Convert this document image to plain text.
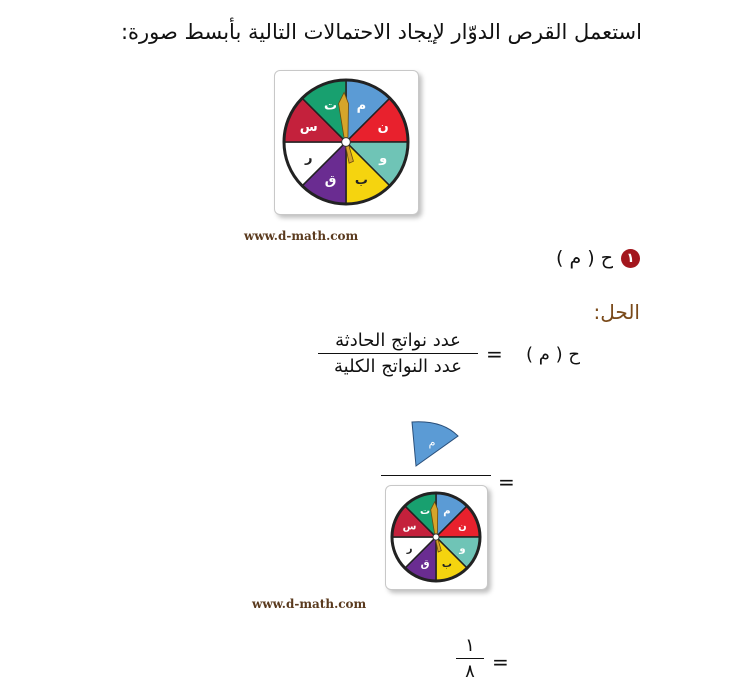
استعمل القرص الدوّار لإيجاد الاحتمالات التالية بأبسط صورة:
م
ن
و
ب
ق
ر
س
ت
www.d-math.com
١
ح ( م )
الحل:
عدد نواتج الحادثة
عدد النواتج الكلية
= ح ( م )
م
=
م
ن
و
ب
ق
ر
س
ت
www.d-math.com
١
٨ =
